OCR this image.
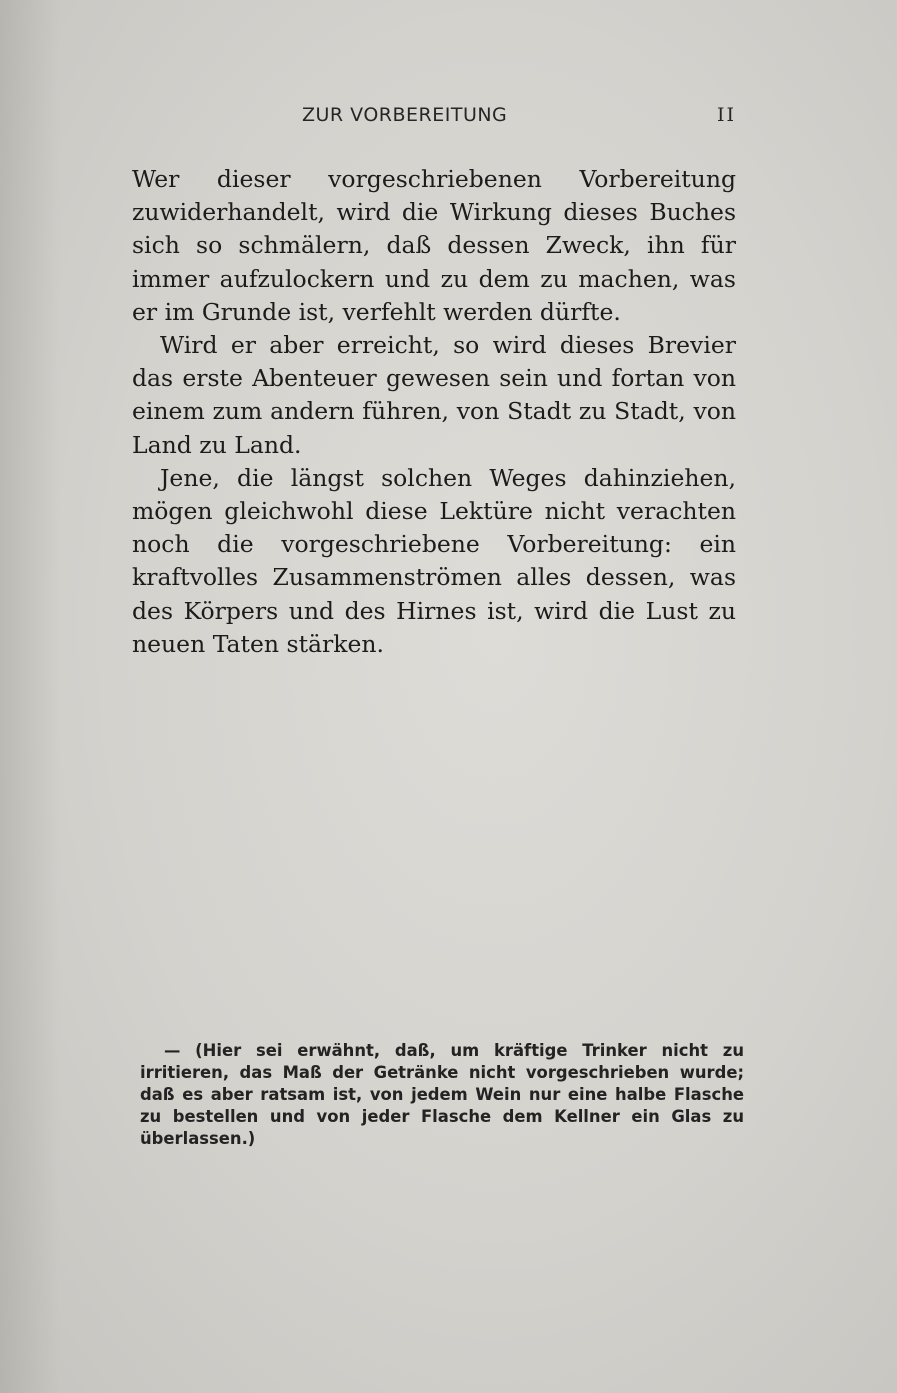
ZUR VORBEREITUNG	II

Wer dieser vorgeschriebenen Vorbereitung zuwiderhandelt, wird die Wirkung dieses Buches sich so schmälern, daß dessen Zweck, ihn für immer aufzulockern und zu dem zu machen, was er im Grunde ist, verfehlt werden dürfte.

Wird er aber erreicht, so wird dieses Brevier das erste Abenteuer gewesen sein und fortan von einem zum andern führen, von Stadt zu Stadt, von Land zu Land.

Jene, die längst solchen Weges dahinziehen, mögen gleichwohl diese Lektüre nicht verachten noch die vorgeschriebene Vorbereitung: ein kraftvolles Zusammenströmen alles dessen, was des Körpers und des Hirnes ist, wird die Lust zu neuen Taten stärken.

— (Hier sei erwähnt, daß, um kräftige Trinker nicht zu irritieren, das Maß der Getränke nicht vorgeschrieben wurde; daß es aber ratsam ist, von jedem Wein nur eine halbe Flasche zu bestellen und von jeder Flasche dem Kellner ein Glas zu überlassen.)
